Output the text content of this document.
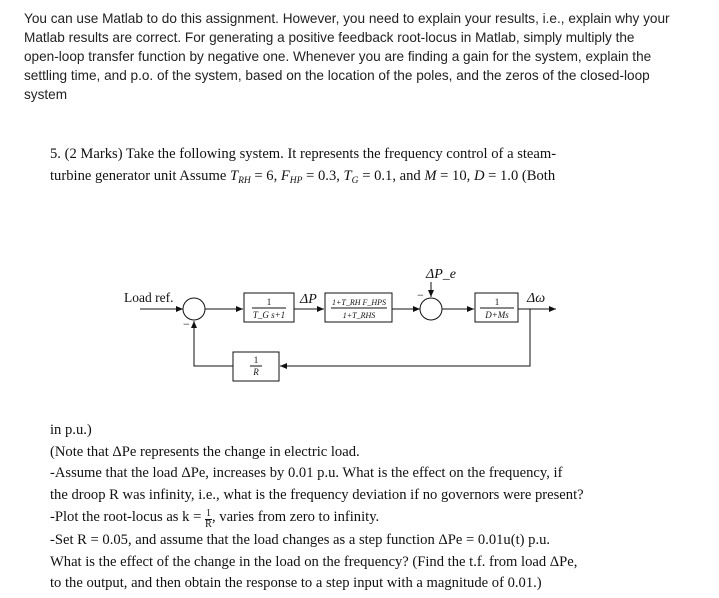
You can use Matlab to do this assignment. However, you need to explain your results, i.e., explain why your
Matlab results are correct. For generating a positive feedback root-locus in Matlab, simply multiply the
open-loop transfer function by negative one. Whenever you are finding a gain for the system, explain the
settling time, and p.o. of the system, based on the location of the poles, and the zeros of the closed-loop
system
5. (2 Marks) Take the following system. It represents the frequency control of a steam-
turbine generator unit Assume $T_{RH} = 6$, $F_{HP} = 0.3$, $T_G = 0.1$, and M = 10, D = 1.0 (Both
Load ref.
−
−
1
T_G s+1
ΔP 1+T_RH F_HPS
1+T_RHS
ΔP_e
1
D+Ms
Δω
1
R
in p.u.)
(Note that ΔPe represents the change in electric load.
-Assume that the load ΔPe, increases by 0.01 p.u. What is the effect on the frequency, if
the droop R was infinity, i.e., what is the frequency deviation if no governors were present?
-Plot the root-locus as $k = \frac{1}{R}$ , varies from zero to infinity.
-Set R = 0.05, and assume that the load changes as a step function ΔPe = 0.01u(t) p.u.
What is the effect of the change in the load on the frequency? (Find the t.f. from load ΔPe,
to the output, and then obtain the response to a step input with a magnitude of 0.01.)
